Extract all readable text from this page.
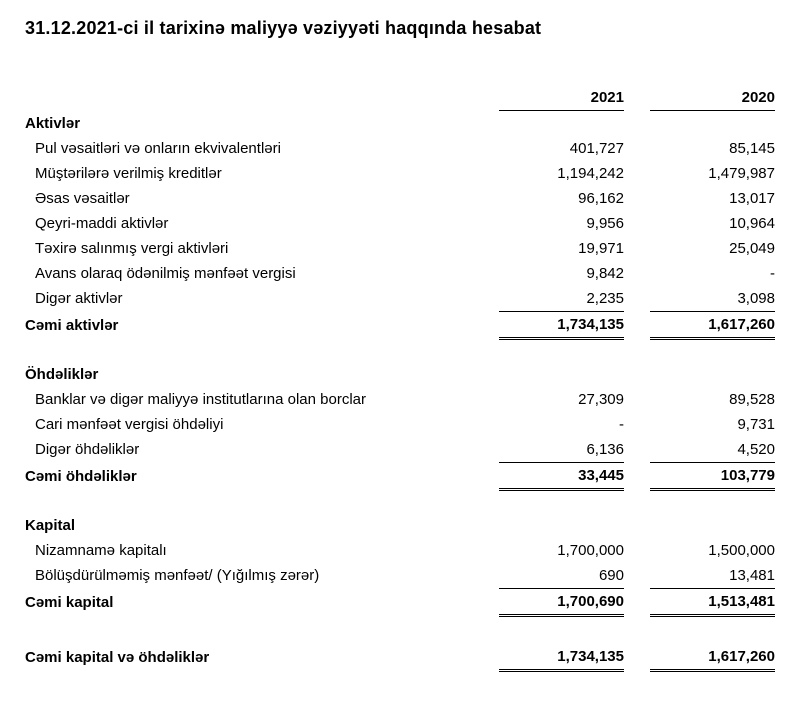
31.12.2021-ci il tarixinə maliyyə vəziyyəti haqqında hesabat
	2021		2020
Aktivlər			
Pul vəsaitləri və onların ekvivalentləri	401,727		85,145
Müştərilərə verilmiş kreditlər	1,194,242		1,479,987
Əsas vəsaitlər	96,162		13,017
Qeyri-maddi aktivlər	9,956		10,964
Təxirə salınmış vergi aktivləri	19,971		25,049
Avans olaraq ödənilmiş mənfəət vergisi	9,842		-
Digər aktivlər	2,235		3,098
Cəmi aktivlər	1,734,135		1,617,260

Öhdəliklər			
Banklar və digər maliyyə institutlarına olan borclar	27,309		89,528
Cari mənfəət vergisi öhdəliyi	-		9,731
Digər öhdəliklər	6,136		4,520
Cəmi öhdəliklər	33,445		103,779

Kapital			
Nizamnamə kapitalı	1,700,000		1,500,000
Bölüşdürülməmiş mənfəət/ (Yığılmış zərər)	690		13,481
Cəmi kapital	1,700,690		1,513,481

Cəmi kapital və öhdəliklər	1,734,135		1,617,260
